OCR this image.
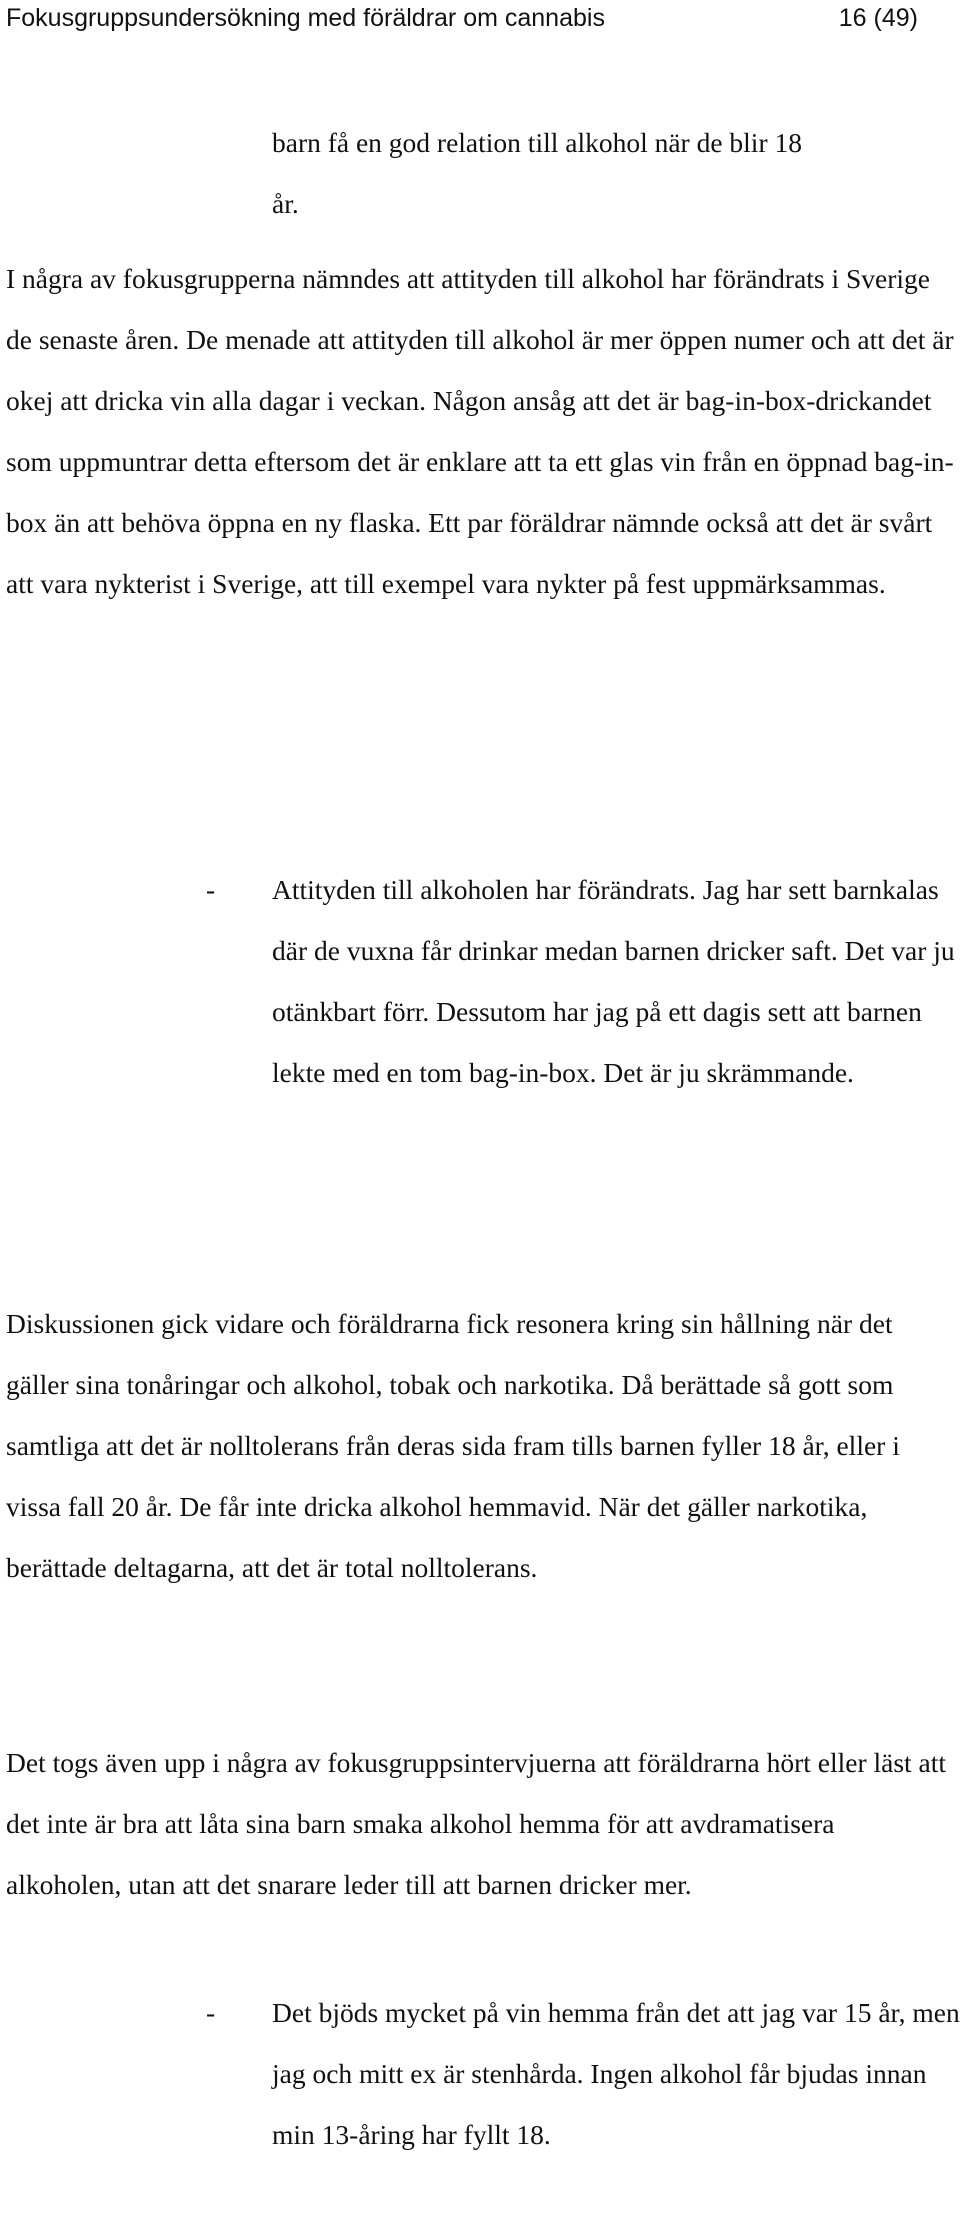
Fokusgruppsundersökning med föräldrar om cannabis	16 (49)

barn få en god relation till alkohol när de blir 18 år.

I några av fokusgrupperna nämndes att attityden till alkohol har förändrats i Sverige de senaste åren. De menade att attityden till alkohol är mer öppen numer och att det är okej att dricka vin alla dagar i veckan. Någon ansåg att det är bag-in-box-drickandet som uppmuntrar detta eftersom det är enklare att ta ett glas vin från en öppnad bag-in-box än att behöva öppna en ny flaska. Ett par föräldrar nämnde också att det är svårt att vara nykterist i Sverige, att till exempel vara nykter på fest uppmärksammas.

- Attityden till alkoholen har förändrats. Jag har sett barnkalas där de vuxna får drinkar medan barnen dricker saft. Det var ju otänkbart förr. Dessutom har jag på ett dagis sett att barnen lekte med en tom bag-in-box. Det är ju skrämmande.

Diskussionen gick vidare och föräldrarna fick resonera kring sin hållning när det gäller sina tonåringar och alkohol, tobak och narkotika. Då berättade så gott som samtliga att det är nolltolerans från deras sida fram tills barnen fyller 18 år, eller i vissa fall 20 år. De får inte dricka alkohol hemmavid. När det gäller narkotika, berättade deltagarna, att det är total nolltolerans.

Det togs även upp i några av fokusgruppsintervjuerna att föräldrarna hört eller läst att det inte är bra att låta sina barn smaka alkohol hemma för att avdramatisera alkoholen, utan att det snarare leder till att barnen dricker mer.

- Det bjöds mycket på vin hemma från det att jag var 15 år, men jag och mitt ex är stenhårda. Ingen alkohol får bjudas innan min 13-åring har fyllt 18.
